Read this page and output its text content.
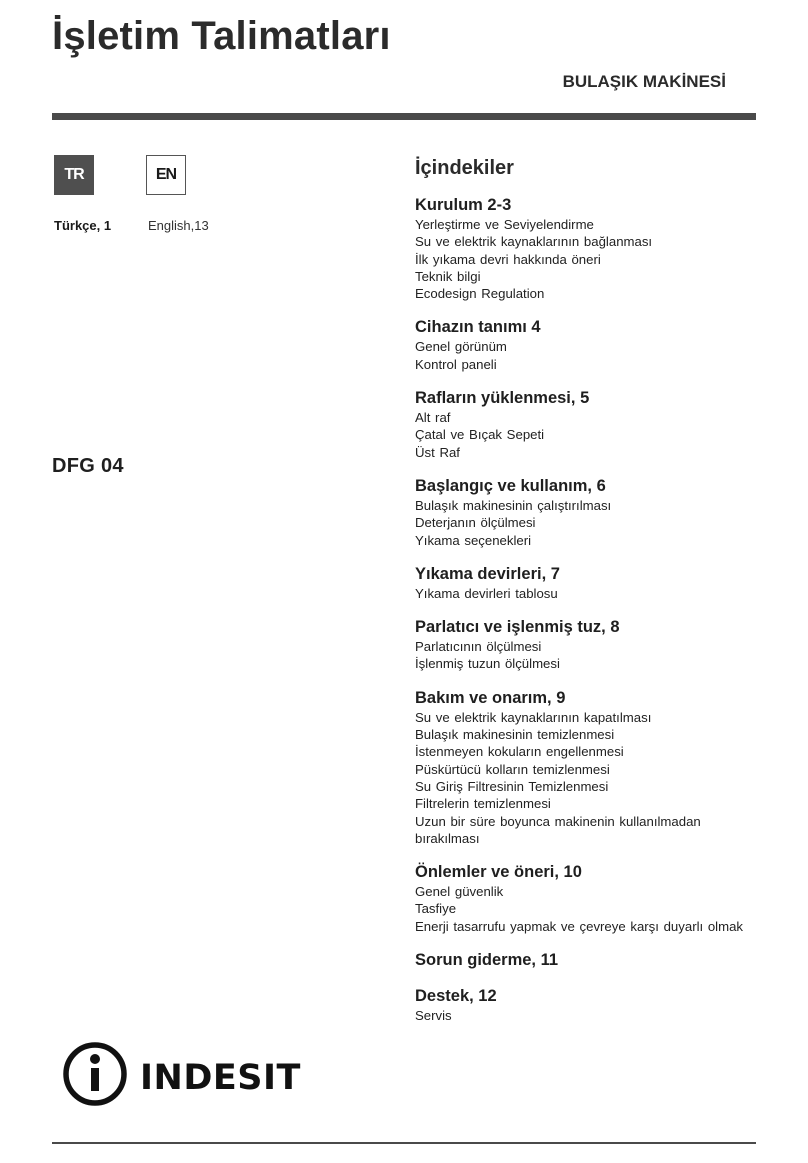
İşletim Talimatları
BULAŞIK MAKİNESİ
TR	EN
Türkçe, 1	English,13
DFG 04
INDESIT
İçindekiler
Kurulum 2-3
Yerleştirme ve Seviyelendirme
Su ve elektrik kaynaklarının bağlanması
İlk yıkama devri hakkında öneri
Teknik bilgi
Ecodesign Regulation
Cihazın tanımı 4
Genel görünüm
Kontrol paneli
Rafların yüklenmesi, 5
Alt raf
Çatal ve Bıçak Sepeti
Üst Raf
Başlangıç ve kullanım, 6
Bulaşık makinesinin çalıştırılması
Deterjanın ölçülmesi
Yıkama seçenekleri
Yıkama devirleri, 7
Yıkama devirleri tablosu
Parlatıcı ve işlenmiş tuz, 8
Parlatıcının ölçülmesi
İşlenmiş tuzun ölçülmesi
Bakım ve onarım, 9
Su ve elektrik kaynaklarının kapatılması
Bulaşık makinesinin temizlenmesi
İstenmeyen kokuların engellenmesi
Püskürtücü kolların temizlenmesi
Su Giriş Filtresinin Temizlenmesi
Filtrelerin temizlenmesi
Uzun bir süre boyunca makinenin kullanılmadan bırakılması
Önlemler ve öneri, 10
Genel güvenlik
Tasfiye
Enerji tasarrufu yapmak ve çevreye karşı duyarlı olmak
Sorun giderme, 11
Destek, 12
Servis
